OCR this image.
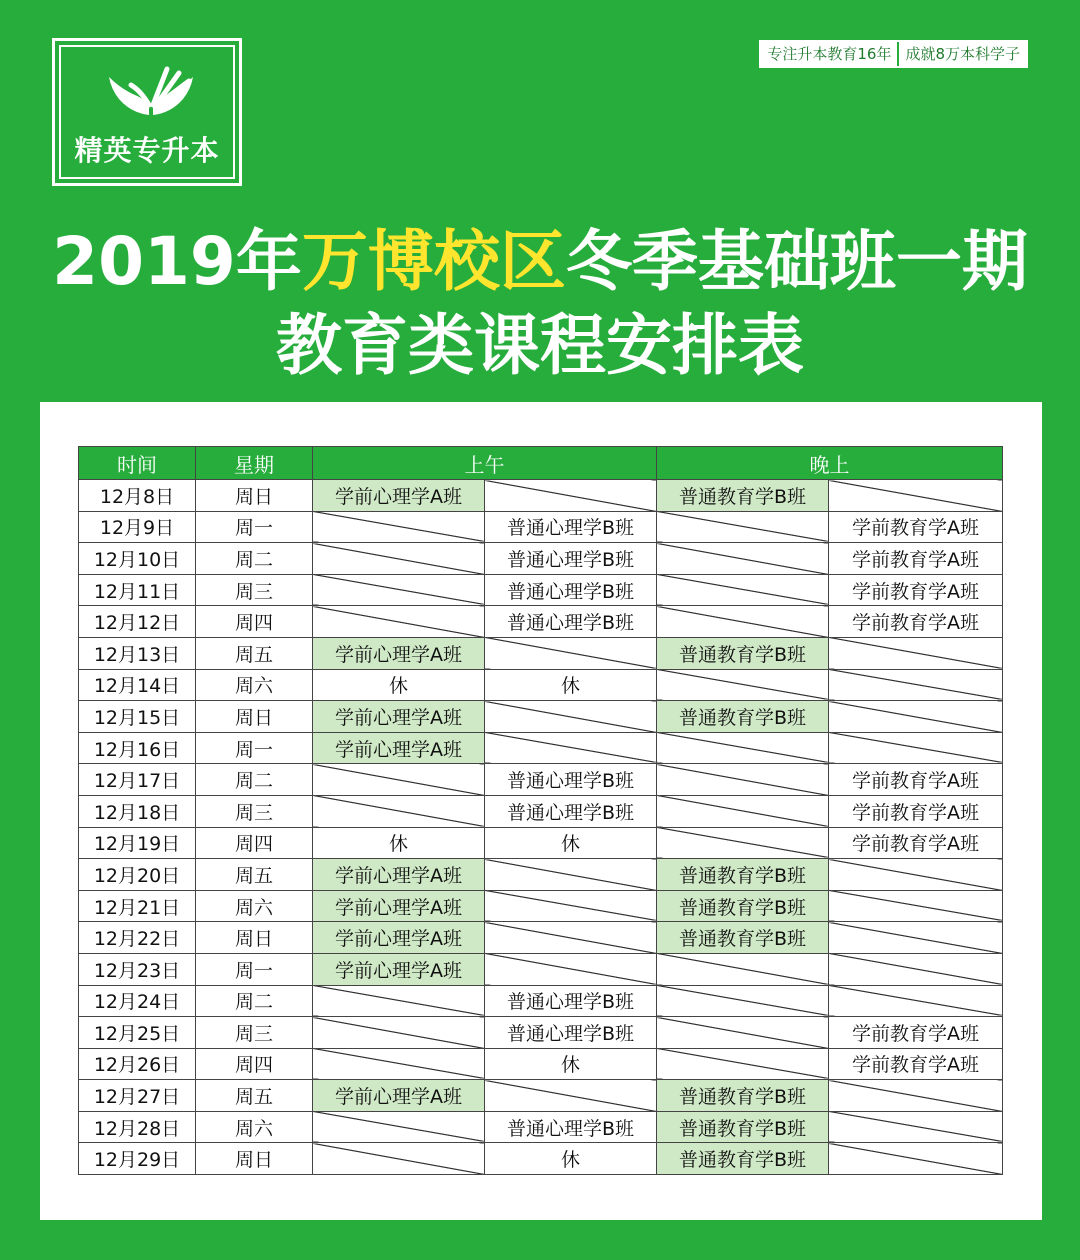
精英专升本
专注升本教育16年 成就8万本科学子
2019年万博校区冬季基础班一期
教育类课程安排表
时间	星期	上午		晚上	
12月8日	周日	学前心理学A班		普通教育学B班	
12月9日	周一		普通心理学B班		学前教育学A班
12月10日	周二		普通心理学B班		学前教育学A班
12月11日	周三		普通心理学B班		学前教育学A班
12月12日	周四		普通心理学B班		学前教育学A班
12月13日	周五	学前心理学A班		普通教育学B班	
12月14日	周六	休	休		
12月15日	周日	学前心理学A班		普通教育学B班	
12月16日	周一	学前心理学A班			
12月17日	周二		普通心理学B班		学前教育学A班
12月18日	周三		普通心理学B班		学前教育学A班
12月19日	周四	休	休		学前教育学A班
12月20日	周五	学前心理学A班		普通教育学B班	
12月21日	周六	学前心理学A班		普通教育学B班	
12月22日	周日	学前心理学A班		普通教育学B班	
12月23日	周一	学前心理学A班			
12月24日	周二		普通心理学B班		
12月25日	周三		普通心理学B班		学前教育学A班
12月26日	周四		休		学前教育学A班
12月27日	周五	学前心理学A班		普通教育学B班	
12月28日	周六		普通心理学B班	普通教育学B班	
12月29日	周日		休	普通教育学B班	
